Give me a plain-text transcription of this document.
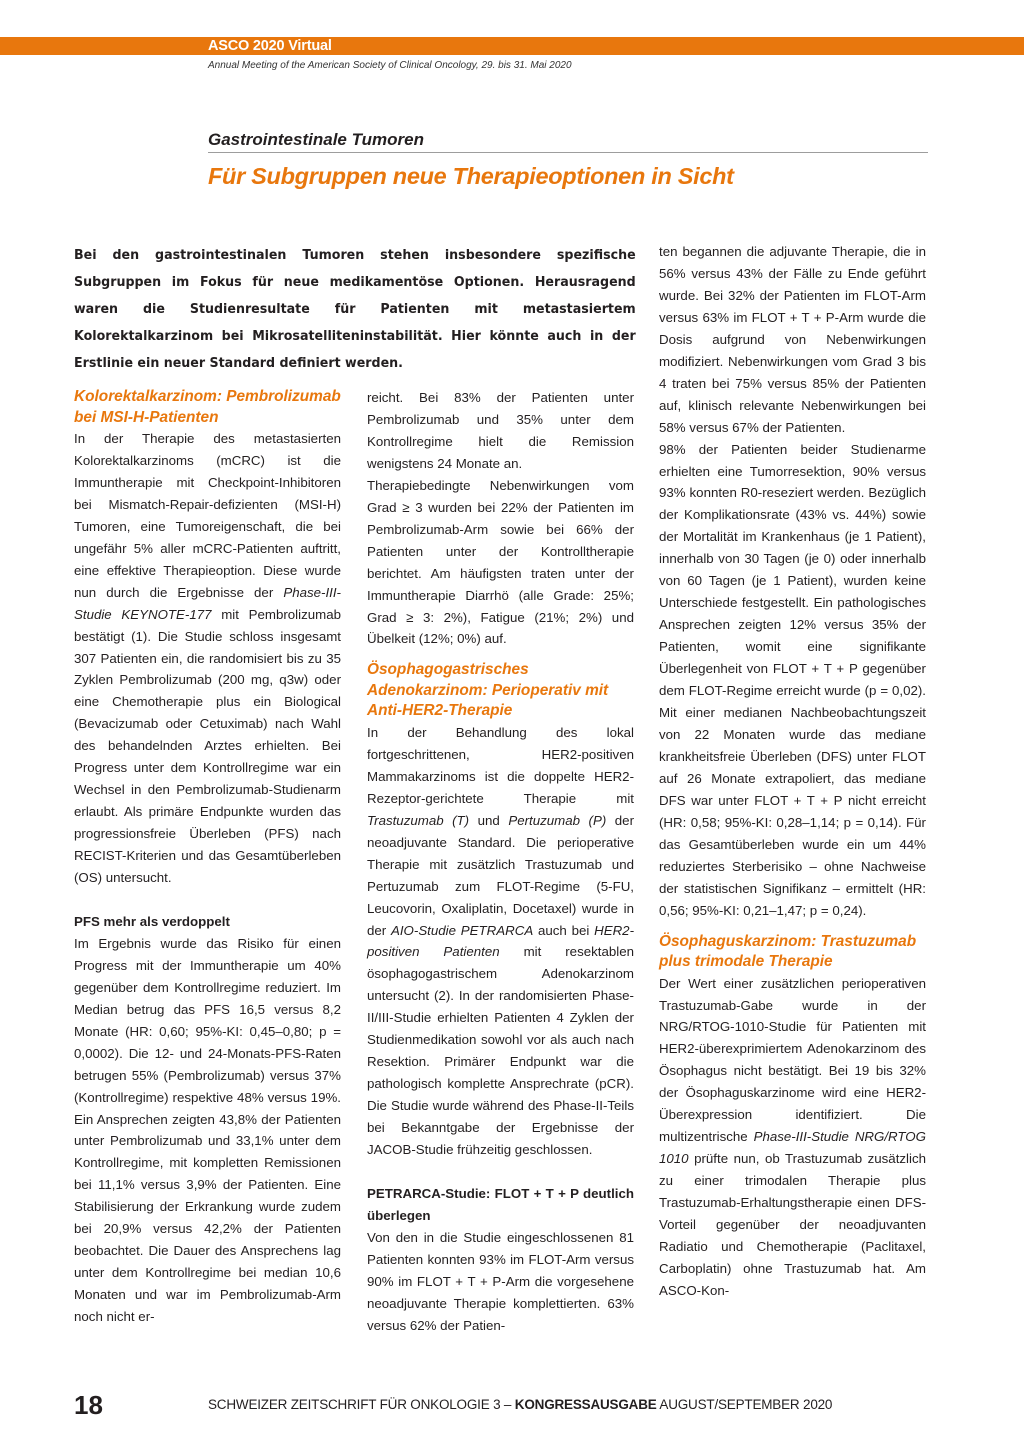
ASCO 2020 Virtual
Annual Meeting of the American Society of Clinical Oncology, 29. bis 31. Mai 2020
Gastrointestinale Tumoren
Für Subgruppen neue Therapieoptionen in Sicht
Bei den gastrointestinalen Tumoren stehen insbesondere spezifische Subgruppen im Fokus für neue medikamentöse Optionen. Herausragend waren die Studienresultate für Patienten mit metastasiertem Kolorektalkarzinom bei Mikrosatelliteninstabilität. Hier könnte auch in der Erstlinie ein neuer Standard definiert werden.
Kolorektalkarzinom: Pembrolizumab bei MSI-H-Patienten

In der Therapie des metastasierten Kolorektalkarzinoms (mCRC) ist die Immuntherapie mit Checkpoint-Inhibitoren bei Mismatch-Repair-defizienten (MSI-H) Tumoren, eine Tumoreigenschaft, die bei ungefähr 5% aller mCRC-Patienten auftritt, eine effektive Therapieoption. Diese wurde nun durch die Ergebnisse der Phase-III-Studie KEYNOTE-177 mit Pembrolizumab bestätigt (1). Die Studie schloss insgesamt 307 Patienten ein, die randomisiert bis zu 35 Zyklen Pembrolizumab (200 mg, q3w) oder eine Chemotherapie plus ein Biological (Bevacizumab oder Cetuximab) nach Wahl des behandelnden Arztes erhielten. Bei Progress unter dem Kontrollregime war ein Wechsel in den Pembrolizumab-Studienarm erlaubt. Als primäre Endpunkte wurden das progressionsfreie Überleben (PFS) nach RECIST-Kriterien und das Gesamtüberleben (OS) untersucht.

PFS mehr als verdoppelt

Im Ergebnis wurde das Risiko für einen Progress mit der Immuntherapie um 40% gegenüber dem Kontrollregime reduziert. Im Median betrug das PFS 16,5 versus 8,2 Monate (HR: 0,60; 95%-KI: 0,45–0,80; p = 0,0002). Die 12- und 24-Monats-PFS-Raten betrugen 55% (Pembrolizumab) versus 37% (Kontrollregime) respektive 48% versus 19%. Ein Ansprechen zeigten 43,8% der Patienten unter Pembrolizumab und 33,1% unter dem Kontrollregime, mit kompletten Remissionen bei 11,1% versus 3,9% der Patienten. Eine Stabilisierung der Erkrankung wurde zudem bei 20,9% versus 42,2% der Patienten beobachtet. Die Dauer des Ansprechens lag unter dem Kontrollregime bei median 10,6 Monaten und war im Pembrolizumab-Arm noch nicht er-

reicht. Bei 83% der Patienten unter Pembrolizumab und 35% unter dem Kontrollregime hielt die Remission wenigstens 24 Monate an.

Therapiebedingte Nebenwirkungen vom Grad ≥ 3 wurden bei 22% der Patienten im Pembrolizumab-Arm sowie bei 66% der Patienten unter der Kontrolltherapie berichtet. Am häufigsten traten unter der Immuntherapie Diarrhö (alle Grade: 25%; Grad ≥ 3: 2%), Fatigue (21%; 2%) und Übelkeit (12%; 0%) auf.

Ösophagogastrisches Adenokarzinom: Perioperativ mit Anti-HER2-Therapie

In der Behandlung des lokal fortgeschrittenen, HER2-positiven Mammakarzinoms ist die doppelte HER2-Rezeptor-gerichtete Therapie mit Trastuzumab (T) und Pertuzumab (P) der neoadjuvante Standard. Die perioperative Therapie mit zusätzlich Trastuzumab und Pertuzumab zum FLOT-Regime (5-FU, Leucovorin, Oxaliplatin, Docetaxel) wurde in der AIO-Studie PETRARCA auch bei HER2-positiven Patienten mit resektablen ösophagogastrischem Adenokarzinom untersucht (2). In der randomisierten Phase-II/III-Studie erhielten Patienten 4 Zyklen der Studienmedikation sowohl vor als auch nach Resektion. Primärer Endpunkt war die pathologisch komplette Ansprechrate (pCR). Die Studie wurde während des Phase-II-Teils bei Bekanntgabe der Ergebnisse der JACOB-Studie frühzeitig geschlossen.

PETRARCA-Studie: FLOT + T + P deutlich überlegen

Von den in die Studie eingeschlossenen 81 Patienten konnten 93% im FLOT-Arm versus 90% im FLOT + T + P-Arm die vorgesehene neoadjuvante Therapie komplettierten. 63% versus 62% der Patien-

ten begannen die adjuvante Therapie, die in 56% versus 43% der Fälle zu Ende geführt wurde. Bei 32% der Patienten im FLOT-Arm versus 63% im FLOT + T + P-Arm wurde die Dosis aufgrund von Nebenwirkungen modifiziert. Nebenwirkungen vom Grad 3 bis 4 traten bei 75% versus 85% der Patienten auf, klinisch relevante Nebenwirkungen bei 58% versus 67% der Patienten.

98% der Patienten beider Studienarme erhielten eine Tumorresektion, 90% versus 93% konnten R0-reseziert werden. Bezüglich der Komplikationsrate (43% vs. 44%) sowie der Mortalität im Krankenhaus (je 1 Patient), innerhalb von 30 Tagen (je 0) oder innerhalb von 60 Tagen (je 1 Patient), wurden keine Unterschiede festgestellt. Ein pathologisches Ansprechen zeigten 12% versus 35% der Patienten, womit eine signifikante Überlegenheit von FLOT + T + P gegenüber dem FLOT-Regime erreicht wurde (p = 0,02). Mit einer medianen Nachbeobachtungszeit von 22 Monaten wurde das mediane krankheitsfreie Überleben (DFS) unter FLOT auf 26 Monate extrapoliert, das mediane DFS war unter FLOT + T + P nicht erreicht (HR: 0,58; 95%-KI: 0,28–1,14; p = 0,14). Für das Gesamtüberleben wurde ein um 44% reduziertes Sterberisiko – ohne Nachweise der statistischen Signifikanz – ermittelt (HR: 0,56; 95%-KI: 0,21–1,47; p = 0,24).

Ösophaguskarzinom: Trastuzumab plus trimodale Therapie

Der Wert einer zusätzlichen perioperativen Trastuzumab-Gabe wurde in der NRG/RTOG-1010-Studie für Patienten mit HER2-überexprimiertem Adenokarzinom des Ösophagus nicht bestätigt. Bei 19 bis 32% der Ösophaguskarzinome wird eine HER2-Überexpression identifiziert. Die multizentrische Phase-III-Studie NRG/RTOG 1010 prüfte nun, ob Trastuzumab zusätzlich zu einer trimodalen Therapie plus Trastuzumab-Erhaltungstherapie einen DFS-Vorteil gegenüber der neoadjuvanten Radiatio und Chemotherapie (Paclitaxel, Carboplatin) ohne Trastuzumab hat. Am ASCO-Kon-

18	SCHWEIZER ZEITSCHRIFT FÜR ONKOLOGIE 3 – KONGRESSAUSGABE AUGUST/SEPTEMBER 2020
